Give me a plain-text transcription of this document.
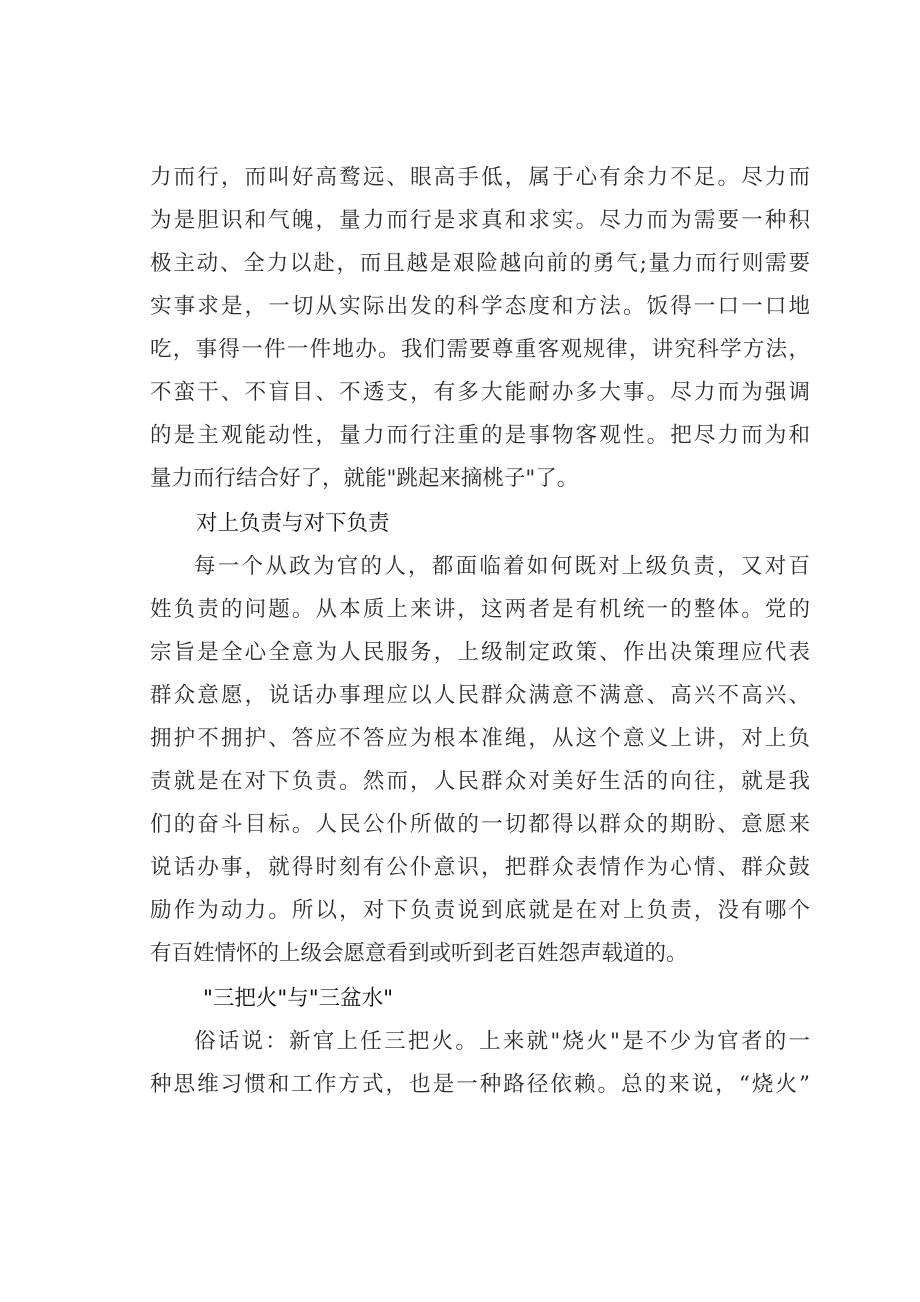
力而行，而叫好高鹜远、眼高手低，属于心有余力不足。尽力而
为是胆识和气魄，量力而行是求真和求实。尽力而为需要一种积
极主动、全力以赴，而且越是艰险越向前的勇气;量力而行则需要
实事求是，一切从实际出发的科学态度和方法。饭得一口一口地
吃，事得一件一件地办。我们需要尊重客观规律，讲究科学方法，
不蛮干、不盲目、不透支，有多大能耐办多大事。尽力而为强调
的是主观能动性，量力而行注重的是事物客观性。把尽力而为和
量力而行结合好了，就能"跳起来摘桃子"了。
对上负责与对下负责
每一个从政为官的人，都面临着如何既对上级负责，又对百
姓负责的问题。从本质上来讲，这两者是有机统一的整体。党的
宗旨是全心全意为人民服务，上级制定政策、作出决策理应代表
群众意愿，说话办事理应以人民群众满意不满意、高兴不高兴、
拥护不拥护、答应不答应为根本准绳，从这个意义上讲，对上负
责就是在对下负责。然而，人民群众对美好生活的向往，就是我
们的奋斗目标。人民公仆所做的一切都得以群众的期盼、意愿来
说话办事，就得时刻有公仆意识，把群众表情作为心情、群众鼓
励作为动力。所以，对下负责说到底就是在对上负责，没有哪个
有百姓情怀的上级会愿意看到或听到老百姓怨声载道的。
"三把火"与"三盆水"
俗话说：新官上任三把火。上来就"烧火"是不少为官者的一
种思维习惯和工作方式，也是一种路径依赖。总的来说，“烧火”
